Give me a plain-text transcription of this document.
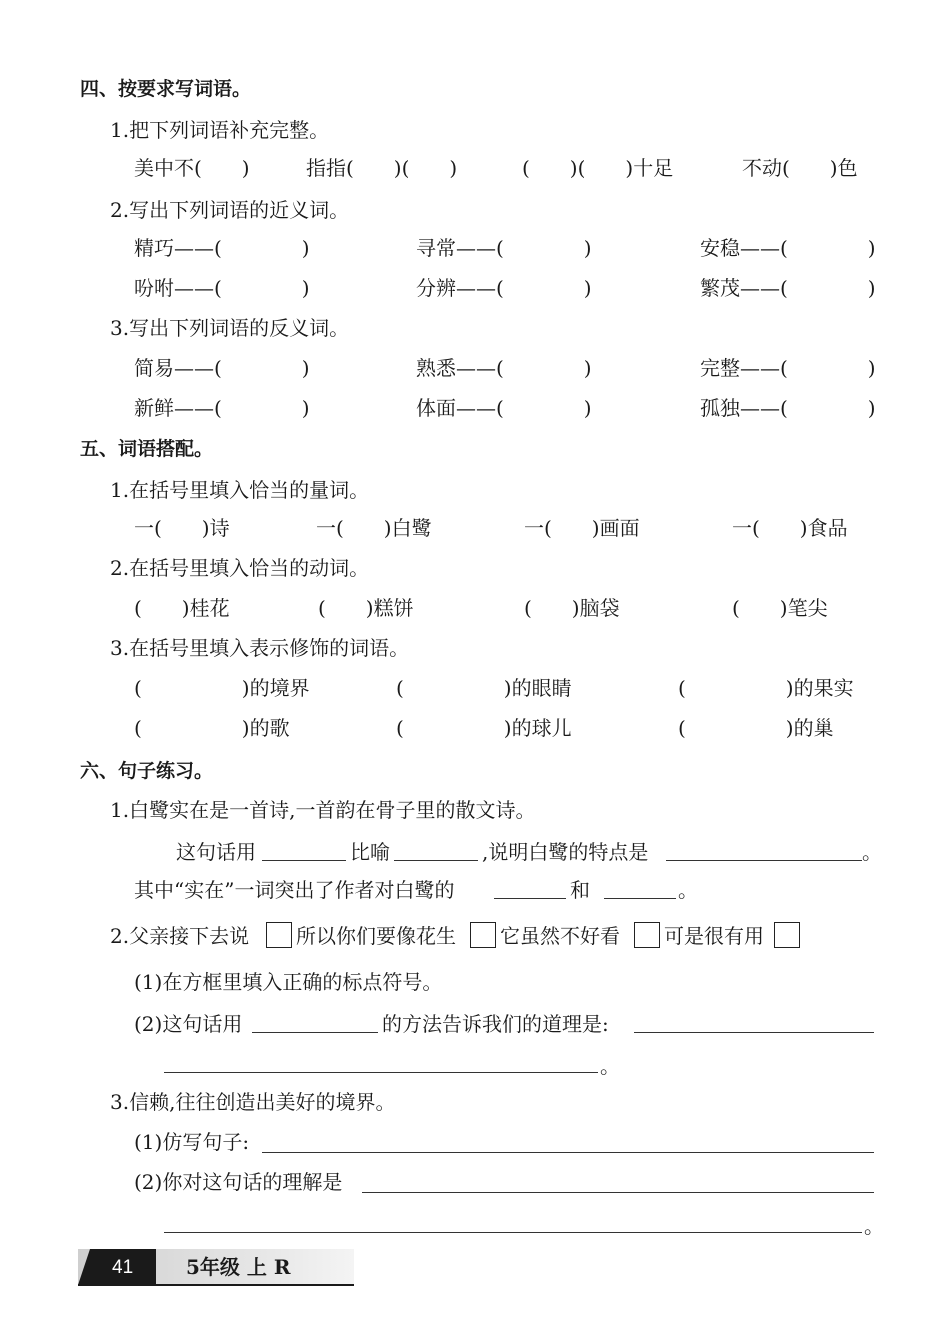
四、按要求写词语。
1.把下列词语补充完整。
美中不(　　)	指指(　　)(　　)	(　　)(　　)十足	不动(　　)色
2.写出下列词语的近义词。
精巧——(　　　　)	寻常——(　　　　)	安稳——(　　　　)
吩咐——(　　　　)	分辨——(　　　　)	繁茂——(　　　　)
3.写出下列词语的反义词。
简易——(　　　　)	熟悉——(　　　　)	完整——(　　　　)
新鲜——(　　　　)	体面——(　　　　)	孤独——(　　　　)
五、词语搭配。
1.在括号里填入恰当的量词。
一(　　)诗	一(　　)白鹭	一(　　)画面	一(　　)食品
2.在括号里填入恰当的动词。
(　　)桂花	(　　)糕饼	(　　)脑袋	(　　)笔尖
3.在括号里填入表示修饰的词语。
(　　　　　)的境界	(　　　　　)的眼睛	(　　　　　)的果实
(　　　　　)的歌	(　　　　　)的球儿	(　　　　　)的巢
六、句子练习。
1.白鹭实在是一首诗,一首韵在骨子里的散文诗。
这句话用	比喻	,说明白鹭的特点是	。
其中“实在”一词突出了作者对白鹭的	和	。
2.父亲接下去说 所以你们要像花生 它虽然不好看 可是很有用
(1)在方框里填入正确的标点符号。
(2)这句话用	的方法告诉我们的道理是:
。
3.信赖,往往创造出美好的境界。
(1)仿写句子:
(2)你对这句话的理解是
。
41	5年级 上 R
